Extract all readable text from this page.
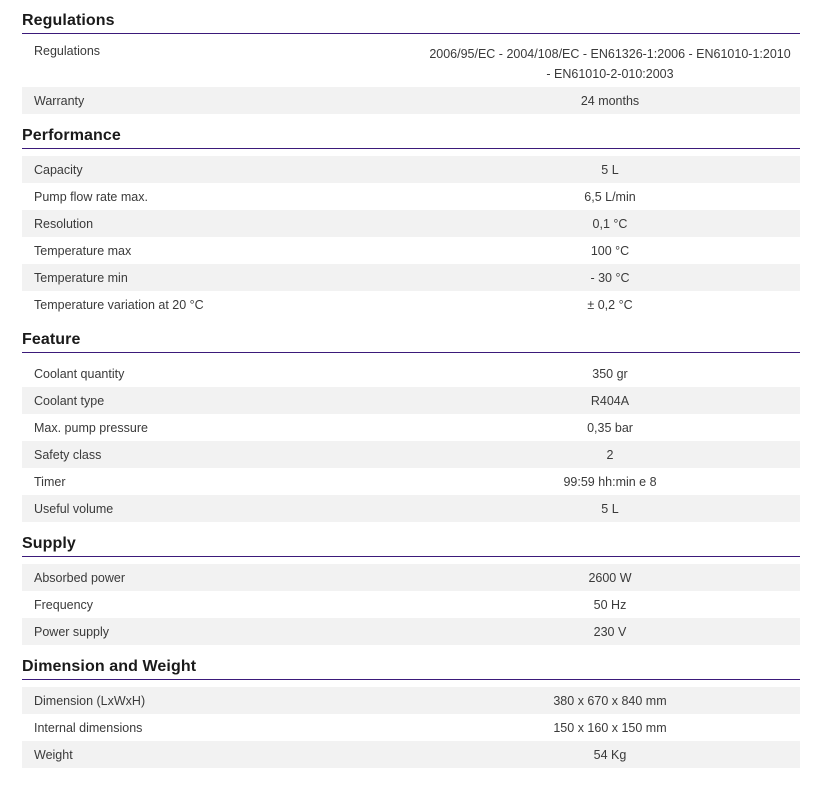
Regulations
Regulations	2006/95/EC - 2004/108/EC - EN61326-1:2006 - EN61010-1:2010 - EN61010-2-010:2003
Warranty	24 months
Performance
Capacity	5 L
Pump flow rate max.	6,5 L/min
Resolution	0,1 °C
Temperature max	100 °C
Temperature min	- 30 °C
Temperature variation at 20 °C	± 0,2 °C
Feature
Coolant quantity	350 gr
Coolant type	R404A
Max. pump pressure	0,35 bar
Safety class	2
Timer	99:59 hh:min e 8
Useful volume	5 L
Supply
Absorbed power	2600 W
Frequency	50 Hz
Power supply	230 V
Dimension and Weight
Dimension (LxWxH)	380 x 670 x 840 mm
Internal dimensions	150 x 160 x 150 mm
Weight	54 Kg
